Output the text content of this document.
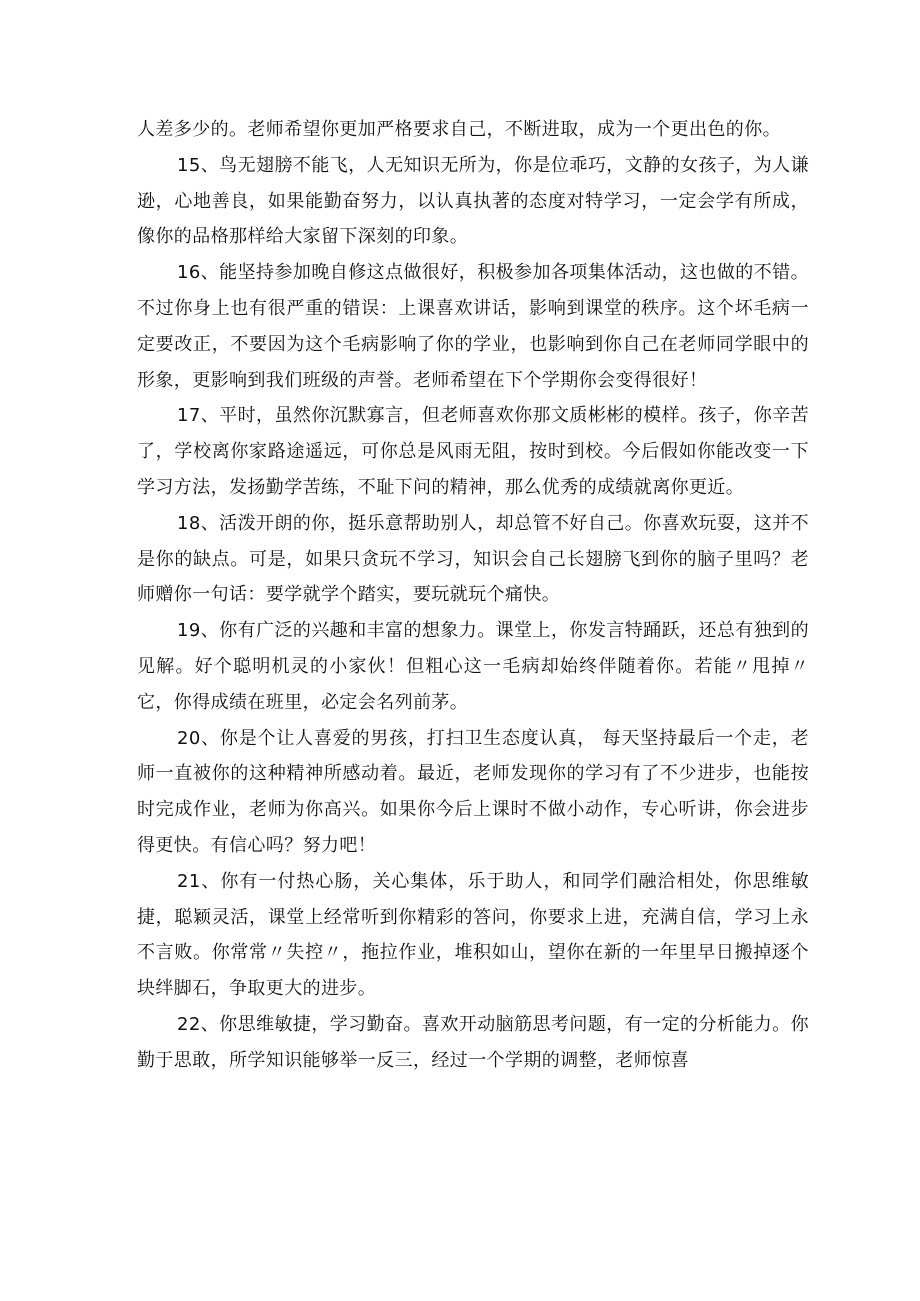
人差多少的。老师希望你更加严格要求自己，不断进取，成为一个更出色的你。

15、鸟无翅膀不能飞，人无知识无所为，你是位乖巧，文静的女孩子，为人谦逊，心地善良，如果能勤奋努力，以认真执著的态度对特学习，一定会学有所成，像你的品格那样给大家留下深刻的印象。

16、能坚持参加晚自修这点做很好，积极参加各项集体活动，这也做的不错。不过你身上也有很严重的错误：上课喜欢讲话，影响到课堂的秩序。这个坏毛病一定要改正，不要因为这个毛病影响了你的学业，也影响到你自己在老师同学眼中的形象，更影响到我们班级的声誉。老师希望在下个学期你会变得很好！

17、平时，虽然你沉默寡言，但老师喜欢你那文质彬彬的模样。孩子，你辛苦了，学校离你家路途遥远，可你总是风雨无阻，按时到校。今后假如你能改变一下学习方法，发扬勤学苦练，不耻下问的精神，那么优秀的成绩就离你更近。

18、活泼开朗的你，挺乐意帮助别人，却总管不好自己。你喜欢玩耍，这并不是你的缺点。可是，如果只贪玩不学习，知识会自己长翅膀飞到你的脑子里吗？老师赠你一句话：要学就学个踏实，要玩就玩个痛快。

19、你有广泛的兴趣和丰富的想象力。课堂上，你发言特踊跃，还总有独到的见解。好个聪明机灵的小家伙！但粗心这一毛病却始终伴随着你。若能〃甩掉〃它，你得成绩在班里，必定会名列前茅。

20、你是个让人喜爱的男孩，打扫卫生态度认真， 每天坚持最后一个走，老师一直被你的这种精神所感动着。最近，老师发现你的学习有了不少进步，也能按时完成作业，老师为你高兴。如果你今后上课时不做小动作，专心听讲，你会进步得更快。有信心吗？努力吧！

21、你有一付热心肠，关心集体，乐于助人，和同学们融洽相处，你思维敏捷，聪颖灵活，课堂上经常听到你精彩的答问，你要求上进，充满自信，学习上永不言败。你常常〃失控〃，拖拉作业，堆积如山，望你在新的一年里早日搬掉逐个块绊脚石，争取更大的进步。

22、你思维敏捷，学习勤奋。喜欢开动脑筋思考问题，有一定的分析能力。你勤于思敢，所学知识能够举一反三，经过一个学期的调整，老师惊喜
